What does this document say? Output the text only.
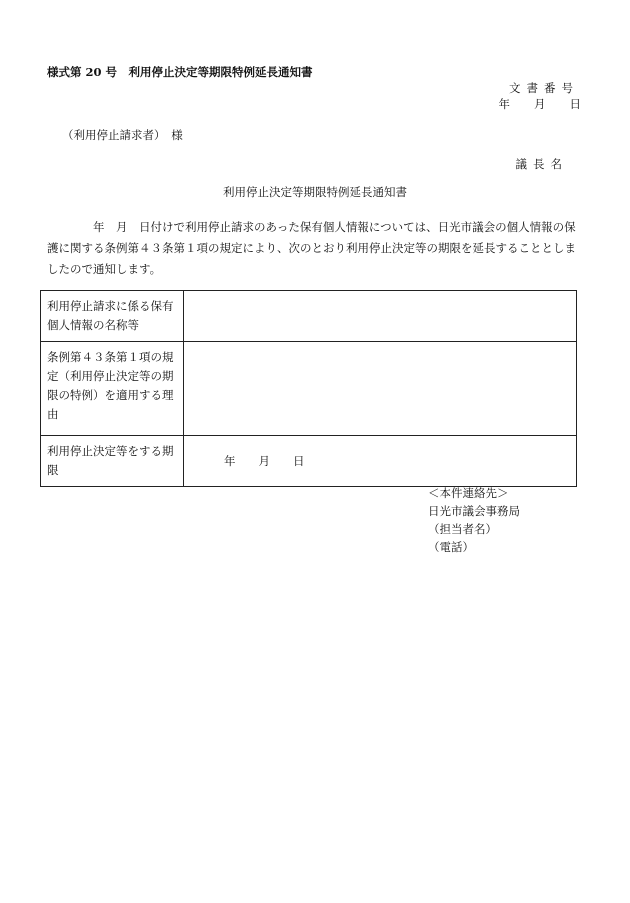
様式第 20 号　利用停止決定等期限特例延長通知書
文書番号
年 月 日
（利用停止請求者）　様
議長名
利用停止決定等期限特例延長通知書

　　　　年　月　日付けで利用停止請求のあった保有個人情報については、日光市議会の個人情報の保護に関する条例第４３条第１項の規定により、次のとおり利用停止決定等の期限を延長することとしましたので通知します。

利用停止請求に係る保有個人情報の名称等	
条例第４３条第１項の規定（利用停止決定等の期限の特例）を適用する理由	
利用停止決定等をする期限	年　　月　　日
＜本件連絡先＞
日光市議会事務局
（担当者名）
（電話）
